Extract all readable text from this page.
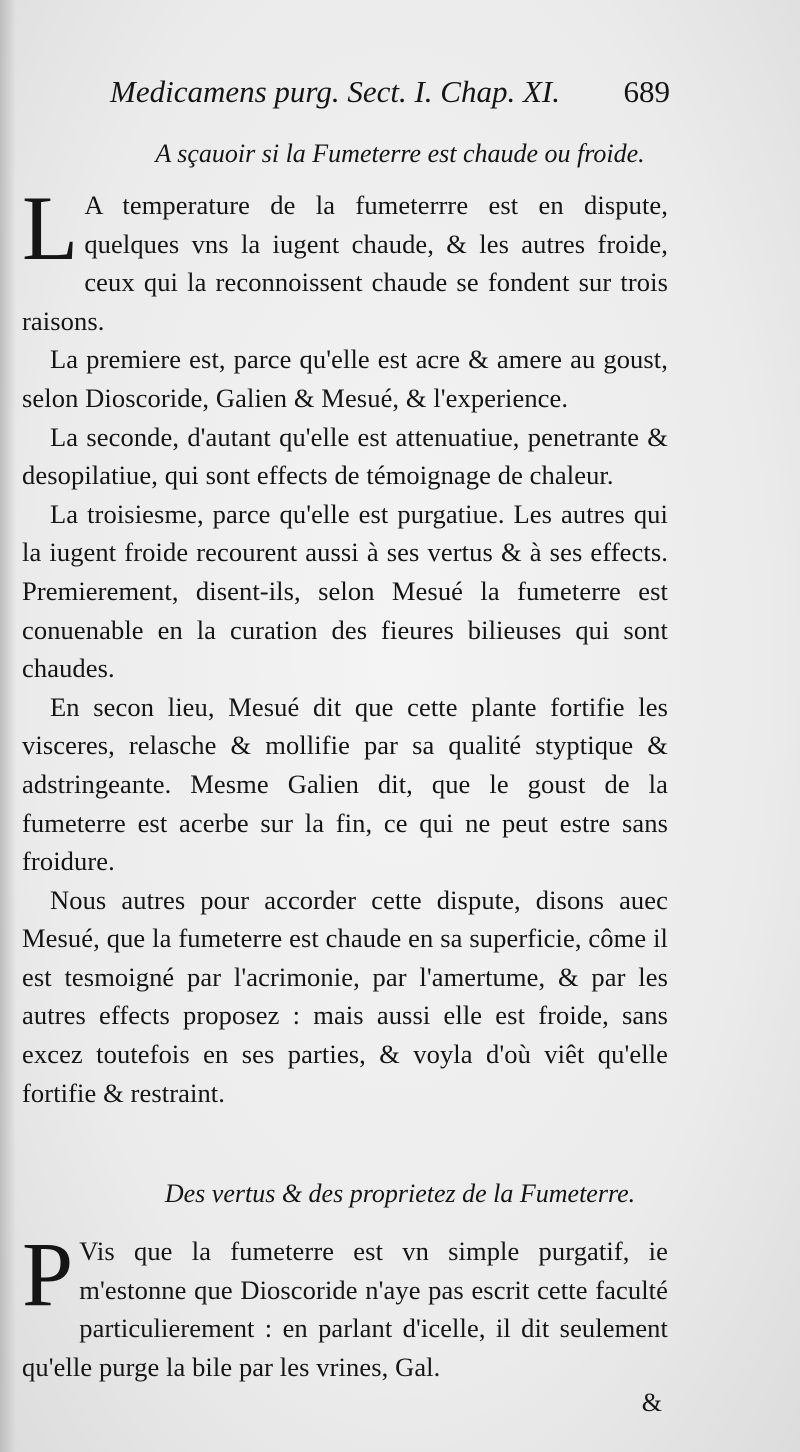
Medicamens purg. Sect. I. Chap. XI. 689
A sçauoir si la Fumeterre est chaude ou froide.

L A temperature de la fumeterrre est en dispute, quelques vns la iugent chaude, & les autres froide, ceux qui la reconnoissent chaude se fondent sur trois raisons.

La premiere est, parce qu'elle est acre & amere au goust, selon Dioscoride, Galien & Mesué, & l'experience.

La seconde, d'autant qu'elle est attenuatiue, penetrante & desopilatiue, qui sont effects de témoignage de chaleur.

La troisiesme, parce qu'elle est purgatiue. Les autres qui la iugent froide recourent aussi à ses vertus & à ses effects. Premierement, disent-ils, selon Mesué la fumeterre est conuenable en la curation des fieures bilieuses qui sont chaudes.

En secon lieu, Mesué dit que cette plante fortifie les visceres, relasche & mollifie par sa qualité styptique & adstringeante. Mesme Galien dit, que le goust de la fumeterre est acerbe sur la fin, ce qui ne peut estre sans froidure.

Nous autres pour accorder cette dispute, disons auec Mesué, que la fumeterre est chaude en sa superficie, côme il est tesmoigné par l'acrimonie, par l'amertume, & par les autres effects proposez : mais aussi elle est froide, sans excez toutefois en ses parties, & voyla d'où viêt qu'elle fortifie & restraint.

Des vertus & des proprietez de la Fumeterre.

P Vis que la fumeterre est vn simple purgatif, ie m'estonne que Dioscoride n'aye pas escrit cette faculté particulierement : en parlant d'icelle, il dit seulement qu'elle purge la bile par les vrines, Gal.

&
